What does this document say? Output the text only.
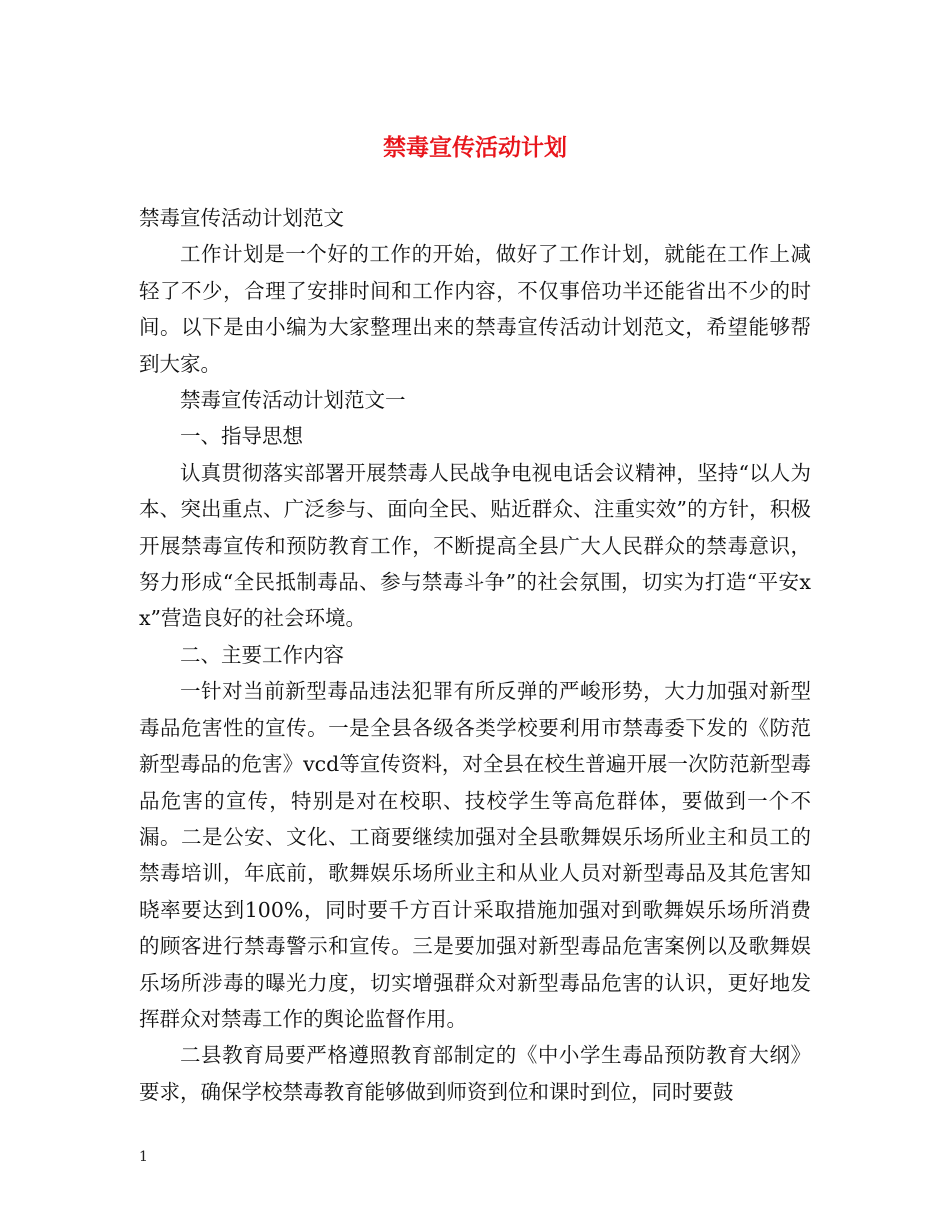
禁毒宣传活动计划

禁毒宣传活动计划范文

工作计划是一个好的工作的开始，做好了工作计划，就能在工作上减轻了不少，合理了安排时间和工作内容，不仅事倍功半还能省出不少的时间。以下是由小编为大家整理出来的禁毒宣传活动计划范文，希望能够帮到大家。

禁毒宣传活动计划范文一

一、指导思想

认真贯彻落实部署开展禁毒人民战争电视电话会议精神，坚持“以人为本、突出重点、广泛参与、面向全民、贴近群众、注重实效”的方针，积极开展禁毒宣传和预防教育工作，不断提高全县广大人民群众的禁毒意识，努力形成“全民抵制毒品、参与禁毒斗争”的社会氛围，切实为打造“平安xx”营造良好的社会环境。

二、主要工作内容

一针对当前新型毒品违法犯罪有所反弹的严峻形势，大力加强对新型毒品危害性的宣传。一是全县各级各类学校要利用市禁毒委下发的《防范新型毒品的危害》vcd等宣传资料，对全县在校生普遍开展一次防范新型毒品危害的宣传，特别是对在校职、技校学生等高危群体，要做到一个不漏。二是公安、文化、工商要继续加强对全县歌舞娱乐场所业主和员工的禁毒培训，年底前，歌舞娱乐场所业主和从业人员对新型毒品及其危害知晓率要达到100%，同时要千方百计采取措施加强对到歌舞娱乐场所消费的顾客进行禁毒警示和宣传。三是要加强对新型毒品危害案例以及歌舞娱乐场所涉毒的曝光力度，切实增强群众对新型毒品危害的认识，更好地发挥群众对禁毒工作的舆论监督作用。

二县教育局要严格遵照教育部制定的《中小学生毒品预防教育大纲》要求，确保学校禁毒教育能够做到师资到位和课时到位，同时要鼓

1
